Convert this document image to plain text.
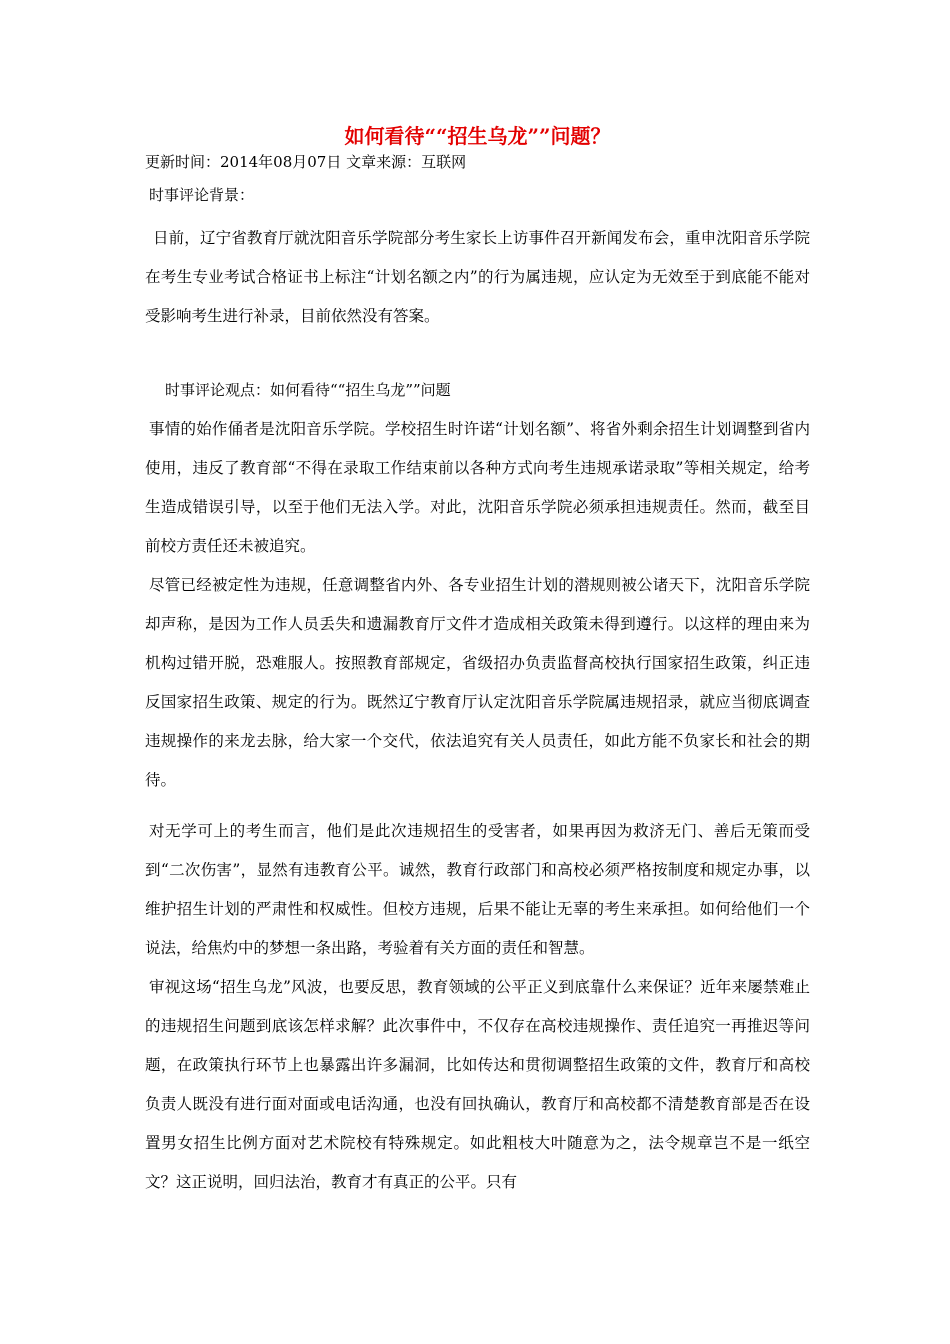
如何看待““招生乌龙””问题？
更新时间：2014年08月07日 文章来源：互联网
时事评论背景：
日前，辽宁省教育厅就沈阳音乐学院部分考生家长上访事件召开新闻发布会，重申沈阳音乐学院在考生专业考试合格证书上标注“计划名额之内”的行为属违规，应认定为无效至于到底能不能对受影响考生进行补录，目前依然没有答案。
时事评论观点：如何看待““招生乌龙””问题
事情的始作俑者是沈阳音乐学院。学校招生时许诺“计划名额”、将省外剩余招生计划调整到省内使用，违反了教育部“不得在录取工作结束前以各种方式向考生违规承诺录取”等相关规定，给考生造成错误引导，以至于他们无法入学。对此，沈阳音乐学院必须承担违规责任。然而，截至目前校方责任还未被追究。
尽管已经被定性为违规，任意调整省内外、各专业招生计划的潜规则被公诸天下，沈阳音乐学院却声称，是因为工作人员丢失和遗漏教育厅文件才造成相关政策未得到遵行。以这样的理由来为机构过错开脱，恐难服人。按照教育部规定，省级招办负责监督高校执行国家招生政策，纠正违反国家招生政策、规定的行为。既然辽宁教育厅认定沈阳音乐学院属违规招录，就应当彻底调查违规操作的来龙去脉，给大家一个交代，依法追究有关人员责任，如此方能不负家长和社会的期待。
对无学可上的考生而言，他们是此次违规招生的受害者，如果再因为救济无门、善后无策而受到“二次伤害”，显然有违教育公平。诚然，教育行政部门和高校必须严格按制度和规定办事，以维护招生计划的严肃性和权威性。但校方违规，后果不能让无辜的考生来承担。如何给他们一个说法，给焦灼中的梦想一条出路，考验着有关方面的责任和智慧。
审视这场“招生乌龙”风波，也要反思，教育领域的公平正义到底靠什么来保证？近年来屡禁难止的违规招生问题到底该怎样求解？此次事件中，不仅存在高校违规操作、责任追究一再推迟等问题，在政策执行环节上也暴露出许多漏洞，比如传达和贯彻调整招生政策的文件，教育厅和高校负责人既没有进行面对面或电话沟通，也没有回执确认，教育厅和高校都不清楚教育部是否在设置男女招生比例方面对艺术院校有特殊规定。如此粗枝大叶随意为之，法令规章岂不是一纸空文？这正说明，回归法治，教育才有真正的公平。只有
